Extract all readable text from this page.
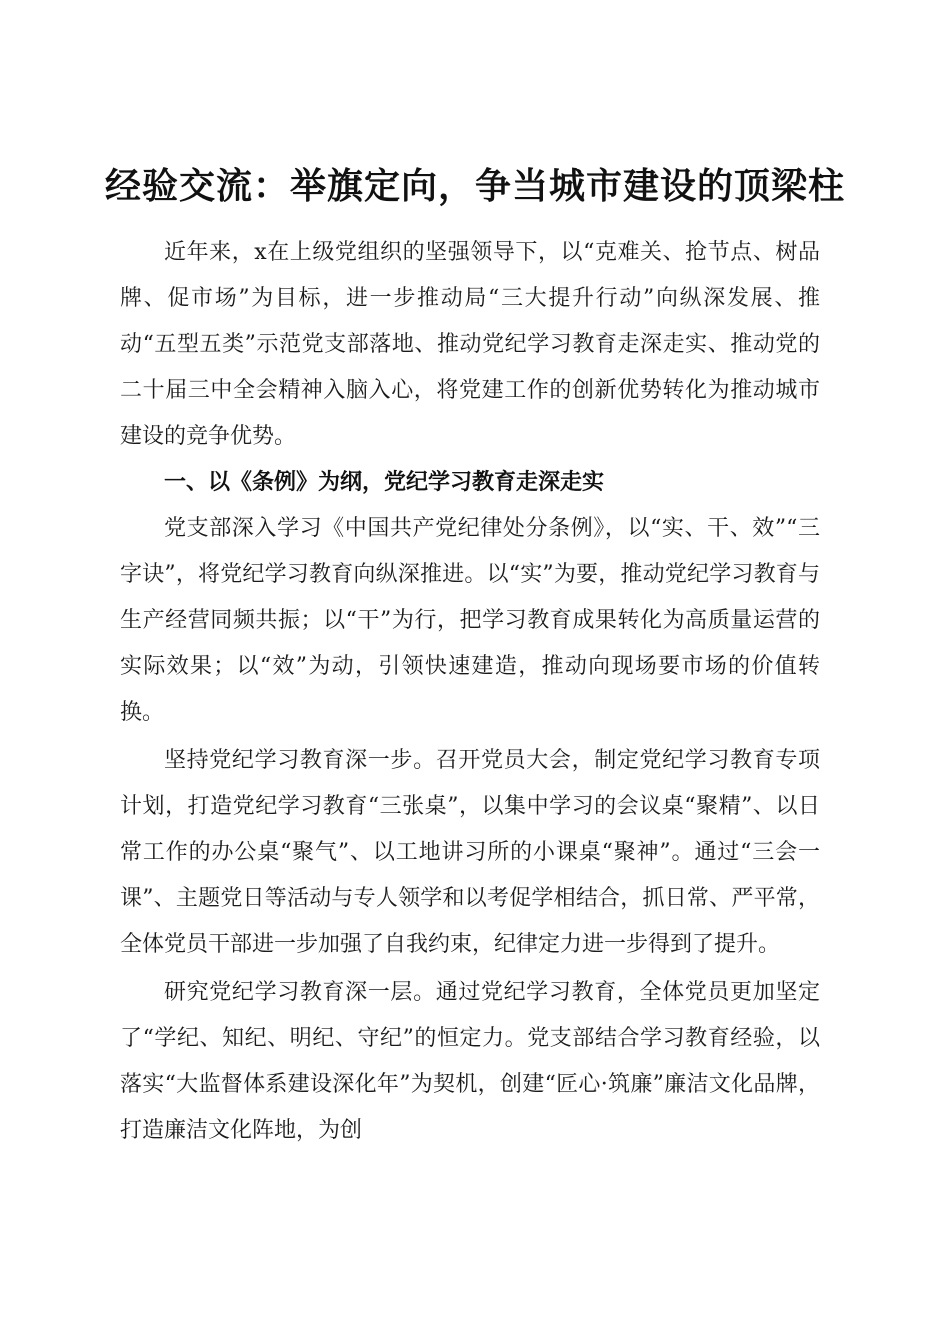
经验交流：举旗定向，争当城市建设的顶梁柱

近年来，x在上级党组织的坚强领导下，以“克难关、抢节点、树品牌、促市场”为目标，进一步推动局“三大提升行动”向纵深发展、推动“五型五类”示范党支部落地、推动党纪学习教育走深走实、推动党的二十届三中全会精神入脑入心，将党建工作的创新优势转化为推动城市建设的竞争优势。

一、以《条例》为纲，党纪学习教育走深走实

党支部深入学习《中国共产党纪律处分条例》，以“实、干、效”“三字诀”，将党纪学习教育向纵深推进。以“实”为要，推动党纪学习教育与生产经营同频共振；以“干”为行，把学习教育成果转化为高质量运营的实际效果；以“效”为动，引领快速建造，推动向现场要市场的价值转换。

坚持党纪学习教育深一步。召开党员大会，制定党纪学习教育专项计划，打造党纪学习教育“三张桌”，以集中学习的会议桌“聚精”、以日常工作的办公桌“聚气”、以工地讲习所的小课桌“聚神”。通过“三会一课”、主题党日等活动与专人领学和以考促学相结合，抓日常、严平常，全体党员干部进一步加强了自我约束，纪律定力进一步得到了提升。

研究党纪学习教育深一层。通过党纪学习教育，全体党员更加坚定了“学纪、知纪、明纪、守纪”的恒定力。党支部结合学习教育经验，以落实“大监督体系建设深化年”为契机，创建“匠心·筑廉”廉洁文化品牌，打造廉洁文化阵地，为创
